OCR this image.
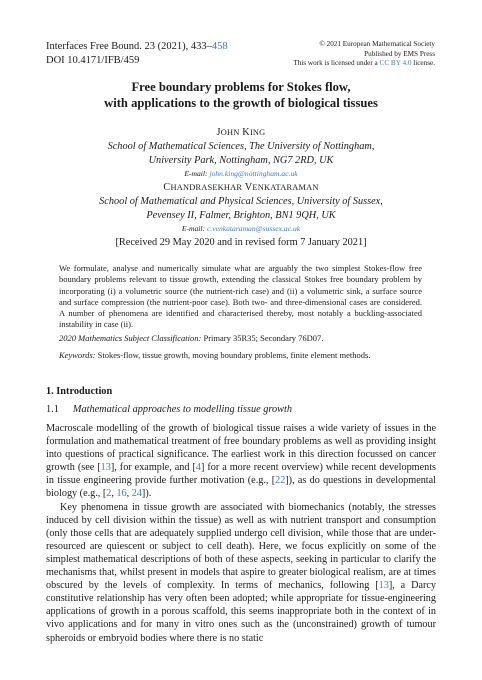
Interfaces Free Bound. 23 (2021), 433–458
DOI 10.4171/IFB/459
© 2021 European Mathematical Society
Published by EMS Press
This work is licensed under a CC BY 4.0 license.
Free boundary problems for Stokes flow,
with applications to the growth of biological tissues
JOHN KING
School of Mathematical Sciences, The University of Nottingham,
University Park, Nottingham, NG7 2RD, UK
E-mail: john.king@nottingham.ac.uk
CHANDRASEKHAR VENKATARAMAN
School of Mathematical and Physical Sciences, University of Sussex,
Pevensey II, Falmer, Brighton, BN1 9QH, UK
E-mail: c.venkataraman@sussex.ac.uk
[Received 29 May 2020 and in revised form 7 January 2021]
We formulate, analyse and numerically simulate what are arguably the two simplest Stokes-flow free boundary problems relevant to tissue growth, extending the classical Stokes free boundary problem by incorporating (i) a volumetric source (the nutrient-rich case) and (ii) a volumetric sink, a surface source and surface compression (the nutrient-poor case). Both two- and three-dimensional cases are considered. A number of phenomena are identified and characterised thereby, most notably a buckling-associated instability in case (ii).
2020 Mathematics Subject Classification: Primary 35R35; Secondary 76D07.
Keywords: Stokes-flow, tissue growth, moving boundary problems, finite element methods.
1. Introduction
1.1 Mathematical approaches to modelling tissue growth

Macroscale modelling of the growth of biological tissue raises a wide variety of issues in the formulation and mathematical treatment of free boundary problems as well as providing insight into questions of practical significance. The earliest work in this direction focussed on cancer growth (see [13], for example, and [4] for a more recent overview) while recent developments in tissue engineering provide further motivation (e.g., [22]), as do questions in developmental biology (e.g., [2, 16, 24]).

Key phenomena in tissue growth are associated with biomechanics (notably, the stresses induced by cell division within the tissue) as well as with nutrient transport and consumption (only those cells that are adequately supplied undergo cell division, while those that are under-resourced are quiescent or subject to cell death). Here, we focus explicitly on some of the simplest mathematical descriptions of both of these aspects, seeking in particular to clarify the mechanisms that, whilst present in models that aspire to greater biological realism, are at times obscured by the levels of complexity. In terms of mechanics, following [13], a Darcy constitutive relationship has very often been adopted; while appropriate for tissue-engineering applications of growth in a porous scaffold, this seems inappropriate both in the context of in vivo applications and for many in vitro ones such as the (unconstrained) growth of tumour spheroids or embryoid bodies where there is no static
